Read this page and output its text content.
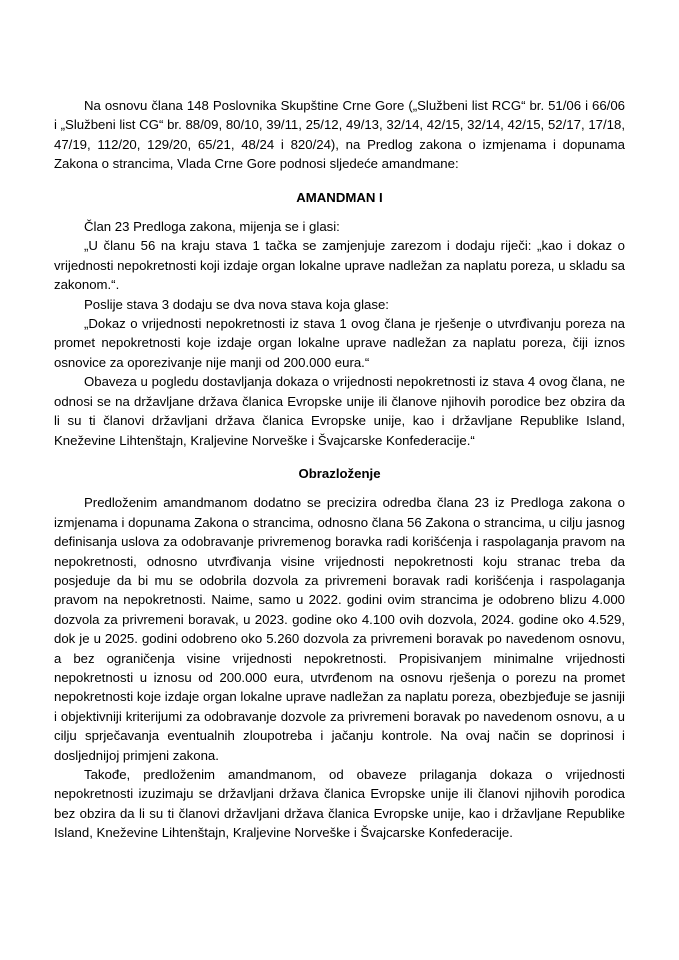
Na osnovu člana 148 Poslovnika Skupštine Crne Gore („Službeni list RCG“ br. 51/06 i 66/06 i „Službeni list CG“ br. 88/09, 80/10, 39/11, 25/12, 49/13, 32/14, 42/15, 32/14, 42/15, 52/17, 17/18, 47/19, 112/20, 129/20, 65/21, 48/24 i 820/24), na Predlog zakona o izmjenama i dopunama Zakona o strancima, Vlada Crne Gore podnosi sljedeće amandmane:

AMANDMAN I

Član 23 Predloga zakona, mijenja se i glasi:

„U članu 56 na kraju stava 1 tačka se zamjenjuje zarezom i dodaju riječi: „kao i dokaz o vrijednosti nepokretnosti koji izdaje organ lokalne uprave nadležan za naplatu poreza, u skladu sa zakonom.“.

Poslije stava 3 dodaju se dva nova stava koja glase:

„Dokaz o vrijednosti nepokretnosti iz stava 1 ovog člana je rješenje o utvrđivanju poreza na promet nepokretnosti koje izdaje organ lokalne uprave nadležan za naplatu poreza, čiji iznos osnovice za oporezivanje nije manji od 200.000 eura.“

Obaveza u pogledu dostavljanja dokaza o vrijednosti nepokretnosti iz stava 4 ovog člana, ne odnosi se na državljane država članica Evropske unije ili članove njihovih porodice bez obzira da li su ti članovi državljani država članica Evropske unije, kao i državljane Republike Island, Kneževine Lihtenštajn, Kraljevine Norveške i Švajcarske Konfederacije.“

Obrazloženje

Predloženim amandmanom dodatno se precizira odredba člana 23 iz Predloga zakona o izmjenama i dopunama Zakona o strancima, odnosno člana 56 Zakona o strancima, u cilju jasnog definisanja uslova za odobravanje privremenog boravka radi korišćenja i raspolaganja pravom na nepokretnosti, odnosno utvrđivanja visine vrijednosti nepokretnosti koju stranac treba da posjeduje da bi mu se odobrila dozvola za privremeni boravak radi korišćenja i raspolaganja pravom na nepokretnosti. Naime, samo u 2022. godini ovim strancima je odobreno blizu 4.000 dozvola za privremeni boravak, u 2023. godine oko 4.100 ovih dozvola, 2024. godine oko 4.529, dok je u 2025. godini odobreno oko 5.260 dozvola za privremeni boravak po navedenom osnovu, a bez ograničenja visine vrijednosti nepokretnosti. Propisivanjem minimalne vrijednosti nepokretnosti u iznosu od 200.000 eura, utvrđenom na osnovu rješenja o porezu na promet nepokretnosti koje izdaje organ lokalne uprave nadležan za naplatu poreza, obezbjeđuje se jasniji i objektivniji kriterijumi za odobravanje dozvole za privremeni boravak po navedenom osnovu, a u cilju sprječavanja eventualnih zloupotreba i jačanju kontrole. Na ovaj način se doprinosi i dosljednijoj primjeni zakona.

Takođe, predloženim amandmanom, od obaveze prilaganja dokaza o vrijednosti nepokretnosti izuzimaju se državljani država članica Evropske unije ili članovi njihovih porodica bez obzira da li su ti članovi državljani država članica Evropske unije, kao i državljane Republike Island, Kneževine Lihtenštajn, Kraljevine Norveške i Švajcarske Konfederacije.
